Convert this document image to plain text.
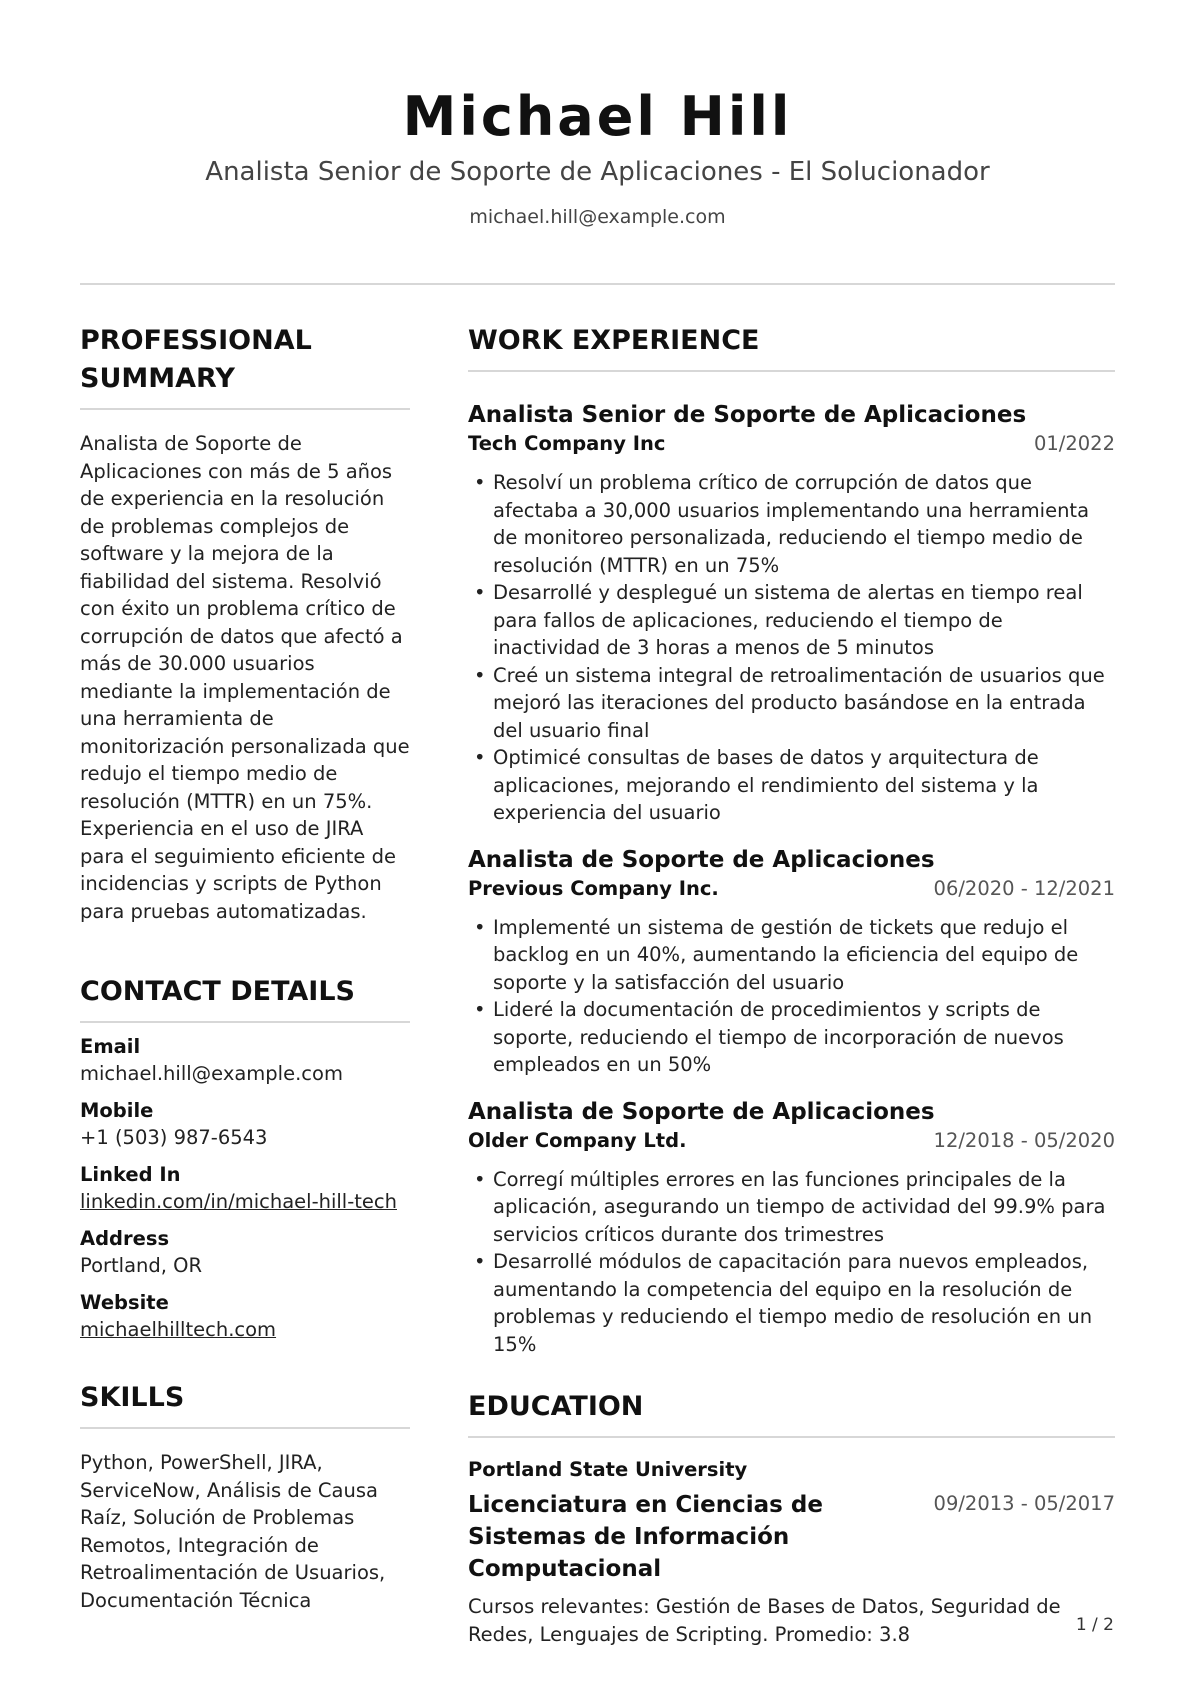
Michael Hill
Analista Senior de Soporte de Aplicaciones - El Solucionador
michael.hill@example.com
PROFESSIONAL SUMMARY
Analista de Soporte de Aplicaciones con más de 5 años de experiencia en la resolución de problemas complejos de software y la mejora de la fiabilidad del sistema. Resolvió con éxito un problema crítico de corrupción de datos que afectó a más de 30.000 usuarios mediante la implementación de una herramienta de monitorización personalizada que redujo el tiempo medio de resolución (MTTR) en un 75%. Experiencia en el uso de JIRA para el seguimiento eficiente de incidencias y scripts de Python para pruebas automatizadas.
CONTACT DETAILS
Email
michael.hill@example.com
Mobile
+1 (503) 987-6543
Linked In
linkedin.com/in/michael-hill-tech
Address
Portland, OR
Website
michaelhilltech.com
SKILLS
Python, PowerShell, JIRA, ServiceNow, Análisis de Causa Raíz, Solución de Problemas Remotos, Integración de Retroalimentación de Usuarios, Documentación Técnica
WORK EXPERIENCE
Analista Senior de Soporte de Aplicaciones
Tech Company Inc	01/2022
• Resolví un problema crítico de corrupción de datos que afectaba a 30,000 usuarios implementando una herramienta de monitoreo personalizada, reduciendo el tiempo medio de resolución (MTTR) en un 75%
• Desarrollé y desplegué un sistema de alertas en tiempo real para fallos de aplicaciones, reduciendo el tiempo de inactividad de 3 horas a menos de 5 minutos
• Creé un sistema integral de retroalimentación de usuarios que mejoró las iteraciones del producto basándose en la entrada del usuario final
• Optimicé consultas de bases de datos y arquitectura de aplicaciones, mejorando el rendimiento del sistema y la experiencia del usuario
Analista de Soporte de Aplicaciones
Previous Company Inc.	06/2020 - 12/2021
• Implementé un sistema de gestión de tickets que redujo el backlog en un 40%, aumentando la eficiencia del equipo de soporte y la satisfacción del usuario
• Lideré la documentación de procedimientos y scripts de soporte, reduciendo el tiempo de incorporación de nuevos empleados en un 50%
Analista de Soporte de Aplicaciones
Older Company Ltd.	12/2018 - 05/2020
• Corregí múltiples errores en las funciones principales de la aplicación, asegurando un tiempo de actividad del 99.9% para servicios críticos durante dos trimestres
• Desarrollé módulos de capacitación para nuevos empleados, aumentando la competencia del equipo en la resolución de problemas y reduciendo el tiempo medio de resolución en un 15%
EDUCATION
Portland State University
Licenciatura en Ciencias de Sistemas de Información Computacional
09/2013 - 05/2017
Cursos relevantes: Gestión de Bases de Datos, Seguridad de Redes, Lenguajes de Scripting. Promedio: 3.8	1 / 2
